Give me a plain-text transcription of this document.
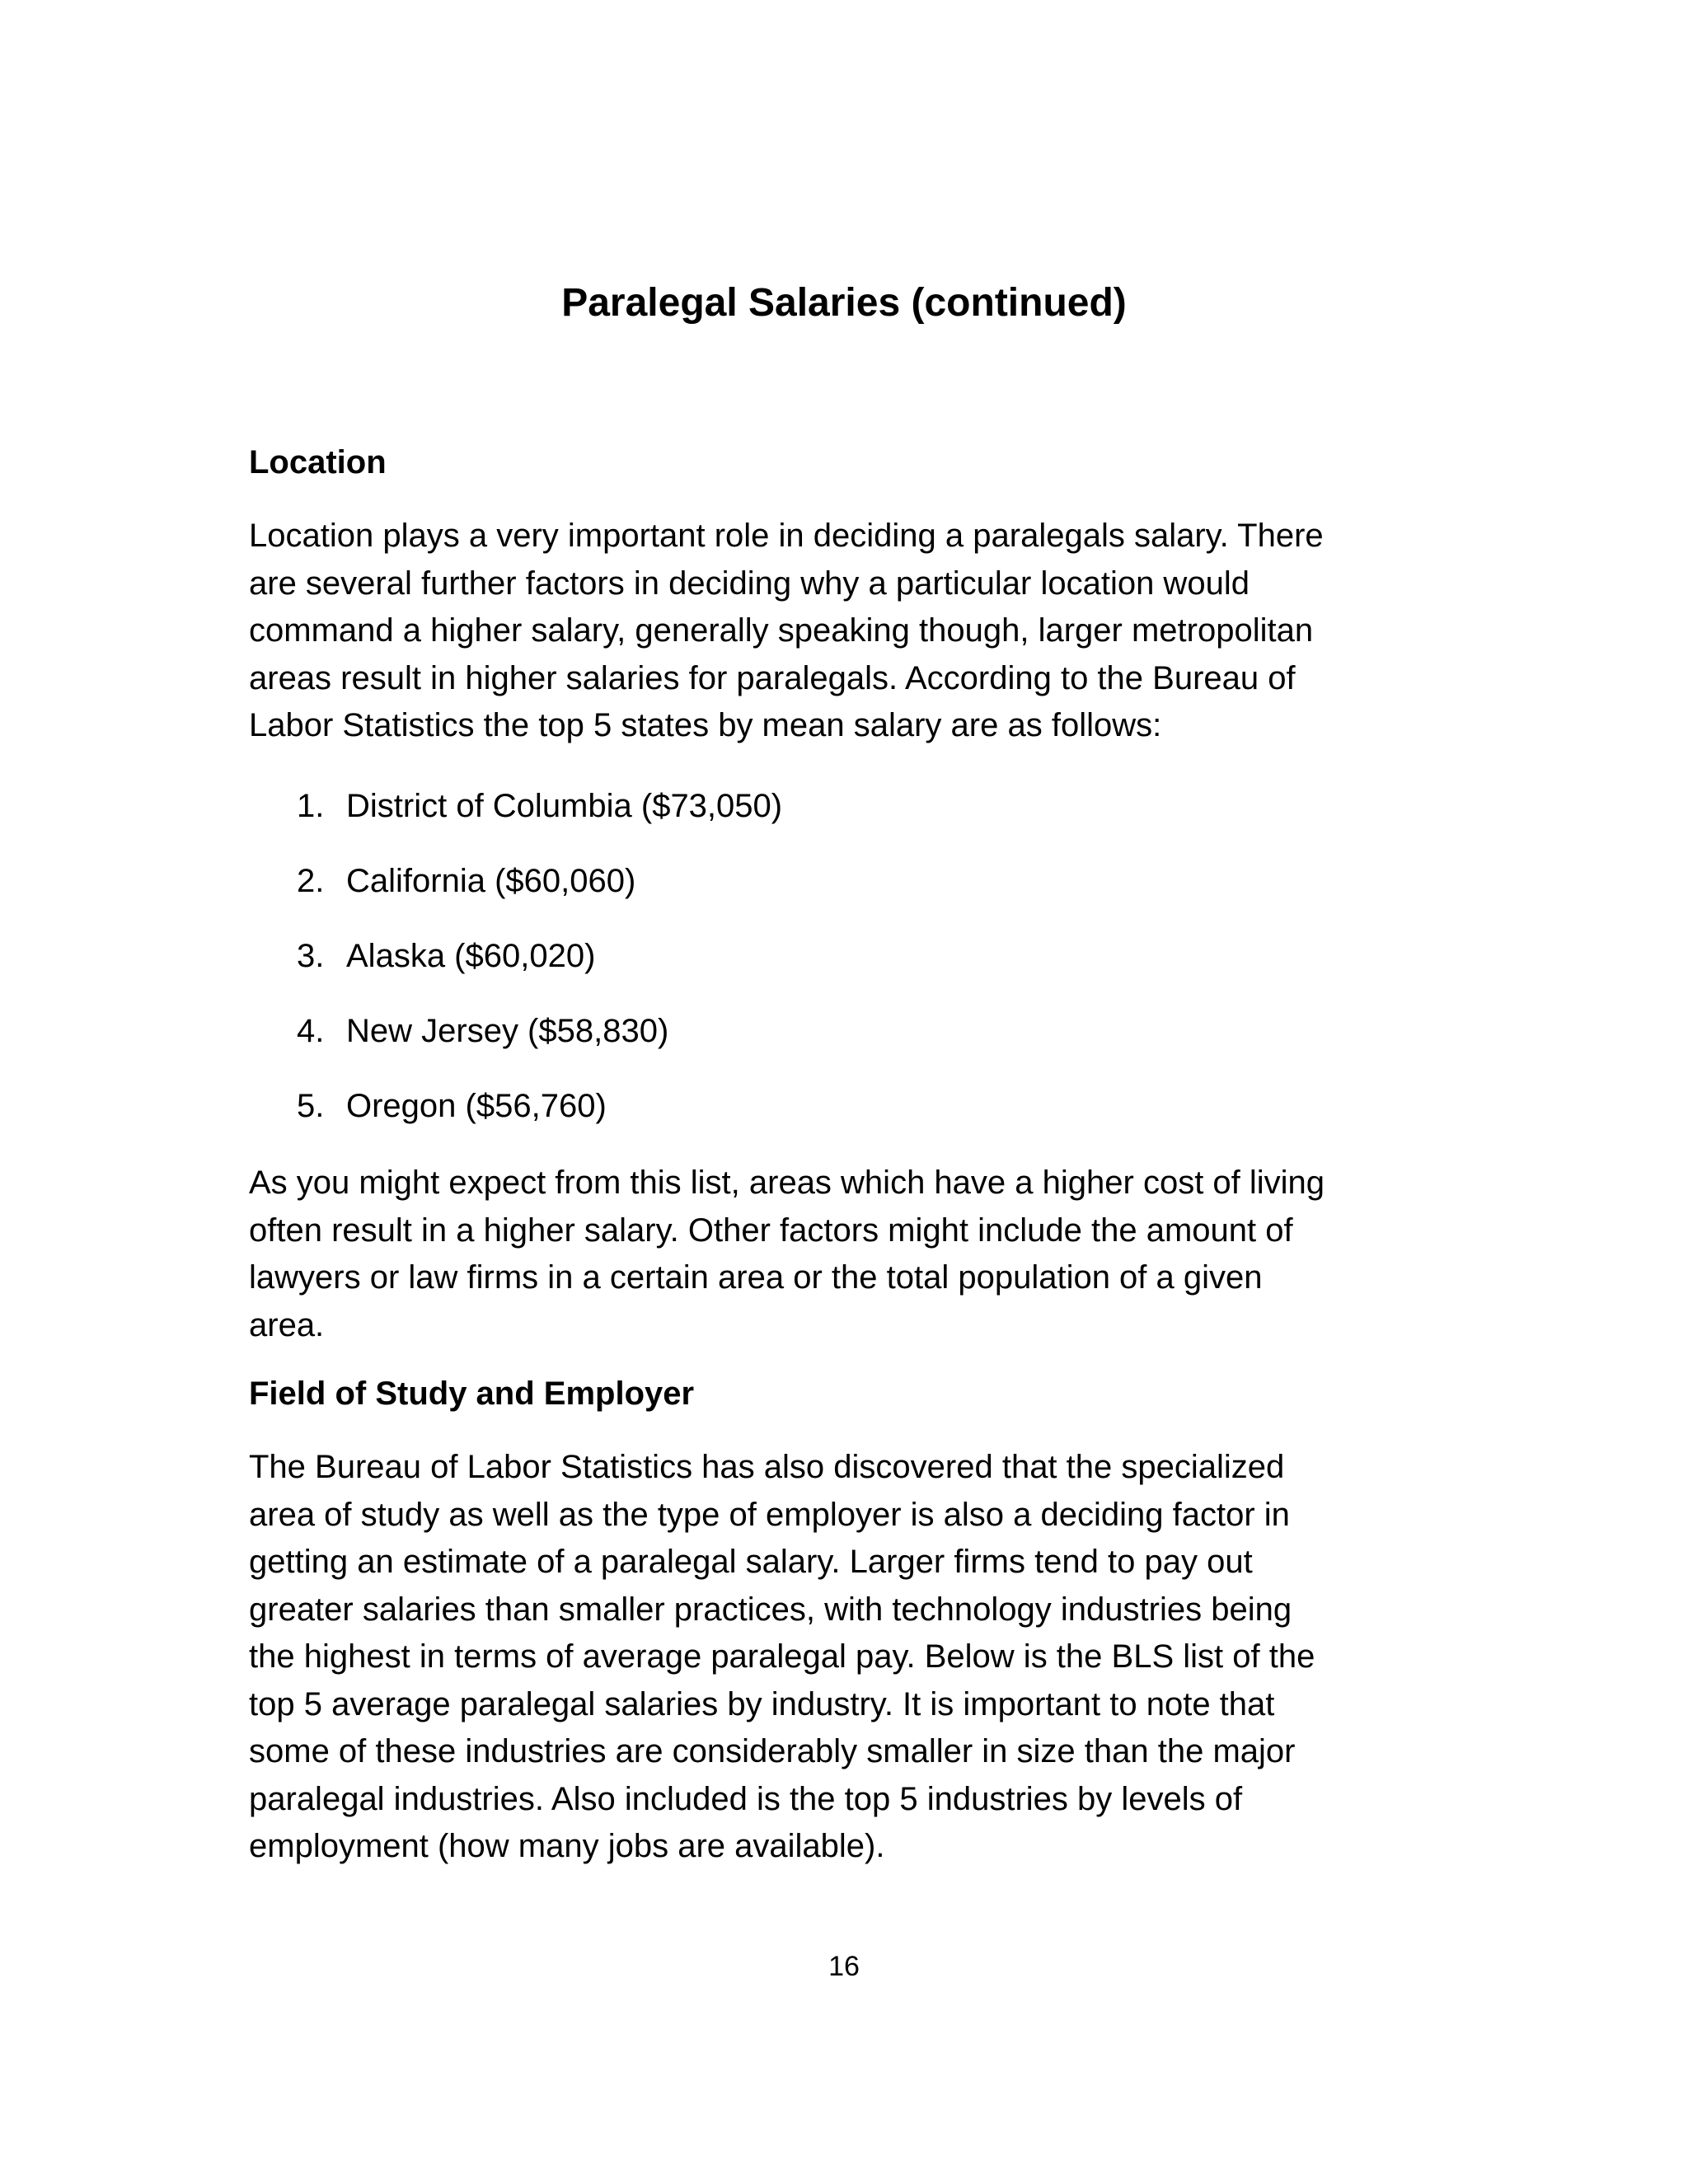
Paralegal Salaries (continued)
Location
Location plays a very important role in deciding a paralegals salary. There
are several further factors in deciding why a particular location would
command a higher salary, generally speaking though, larger metropolitan
areas result in higher salaries for paralegals. According to the Bureau of
Labor Statistics the top 5 states by mean salary are as follows:
1. District of Columbia ($73,050)
2. California ($60,060)
3. Alaska ($60,020)
4. New Jersey ($58,830)
5. Oregon ($56,760)
As you might expect from this list, areas which have a higher cost of living
often result in a higher salary. Other factors might include the amount of
lawyers or law firms in a certain area or the total population of a given
area.
Field of Study and Employer
The Bureau of Labor Statistics has also discovered that the specialized
area of study as well as the type of employer is also a deciding factor in
getting an estimate of a paralegal salary. Larger firms tend to pay out
greater salaries than smaller practices, with technology industries being
the highest in terms of average paralegal pay. Below is the BLS list of the
top 5 average paralegal salaries by industry. It is important to note that
some of these industries are considerably smaller in size than the major
paralegal industries. Also included is the top 5 industries by levels of
employment (how many jobs are available).
16
